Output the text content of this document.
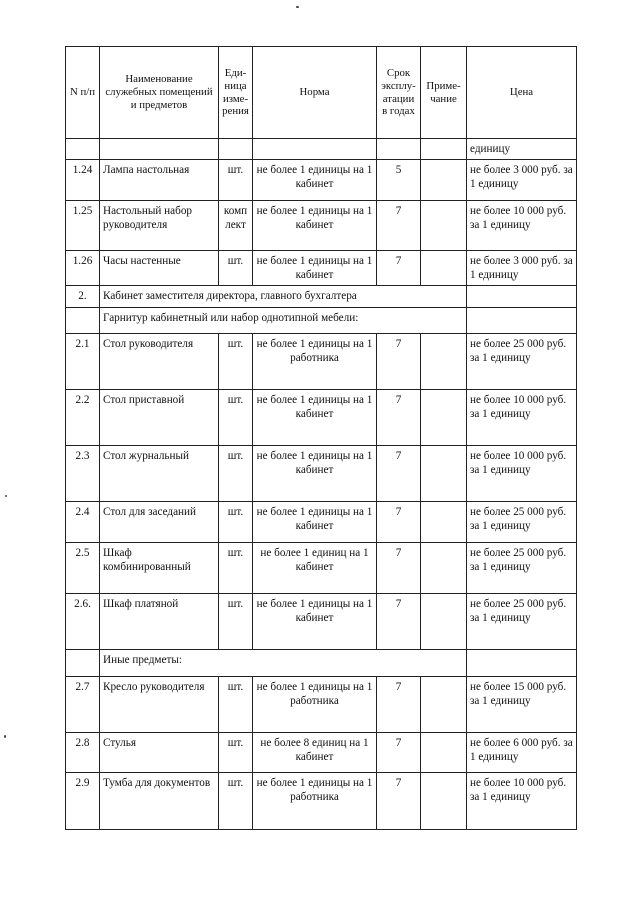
N п/п	Наименование служебных помещений и предметов	Единица измерения	Норма	Срок эксплуатации в годах	Примечание	Цена
						единицу
1.24	Лампа настольная	шт.	не более 1 единицы на 1 кабинет	5		не более 3 000 руб. за 1 единицу
1.25	Настольный набор руководителя	комп лект	не более 1 единицы на 1 кабинет	7		не более 10 000 руб. за 1 единицу
1.26	Часы настенные	шт.	не более 1 единицы на 1 кабинет	7		не более 3 000 руб. за 1 единицу
2.	Кабинет заместителя директора, главного бухгалтера					
	Гарнитур кабинетный или набор однотипной мебели:					
2.1	Стол руководителя	шт.	не более 1 единицы на 1 работника	7		не более 25 000 руб. за 1 единицу
2.2	Стол приставной	шт.	не более 1 единицы на 1 кабинет	7		не более 10 000 руб. за 1 единицу
2.3	Стол журнальный	шт.	не более 1 единицы на 1 кабинет	7		не более 10 000 руб. за 1 единицу
2.4	Стол для заседаний	шт.	не более 1 единицы на 1 кабинет	7		не более 25 000 руб. за 1 единицу
2.5	Шкаф комбинированный	шт.	не более 1 единиц на 1 кабинет	7		не более 25 000 руб. за 1 единицу
2.6.	Шкаф платяной	шт.	не более 1 единицы на 1 кабинет	7		не более 25 000 руб. за 1 единицу
	Иные предметы:					
2.7	Кресло руководителя	шт.	не более 1 единицы на 1 работника	7		не более 15 000 руб. за 1 единицу
2.8	Стулья	шт.	не более 8 единиц на 1 кабинет	7		не более 6 000 руб. за 1 единицу
2.9	Тумба для документов	шт.	не более 1 единицы на 1 работника	7		не более 10 000 руб. за 1 единицу
